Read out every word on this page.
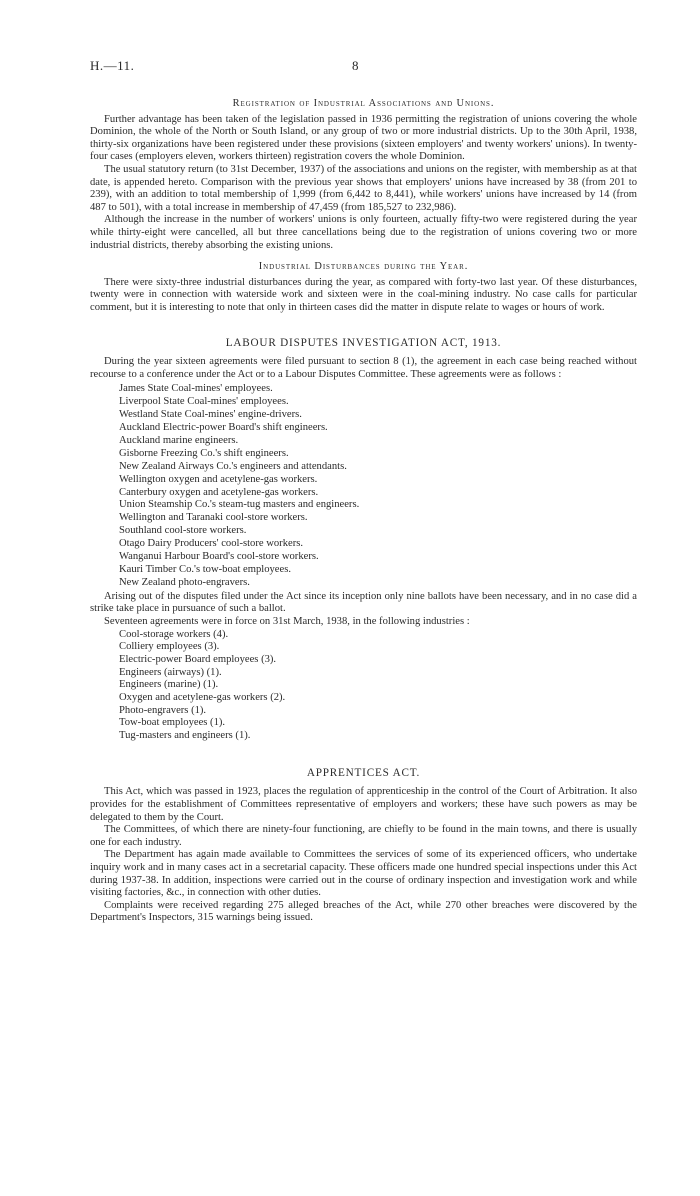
H.—11.	8
Registration of Industrial Associations and Unions.

Further advantage has been taken of the legislation passed in 1936 permitting the registration of unions covering the whole Dominion, the whole of the North or South Island, or any group of two or more industrial districts. Up to the 30th April, 1938, thirty-six organizations have been registered under these provisions (sixteen employers' and twenty workers' unions). In twenty-four cases (employers eleven, workers thirteen) registration covers the whole Dominion.

The usual statutory return (to 31st December, 1937) of the associations and unions on the register, with membership as at that date, is appended hereto. Comparison with the previous year shows that employers' unions have increased by 38 (from 201 to 239), with an addition to total membership of 1,999 (from 6,442 to 8,441), while workers' unions have increased by 14 (from 487 to 501), with a total increase in membership of 47,459 (from 185,527 to 232,986).

Although the increase in the number of workers' unions is only fourteen, actually fifty-two were registered during the year while thirty-eight were cancelled, all but three cancellations being due to the registration of unions covering two or more industrial districts, thereby absorbing the existing unions.

Industrial Disturbances during the Year.

There were sixty-three industrial disturbances during the year, as compared with forty-two last year. Of these disturbances, twenty were in connection with waterside work and sixteen were in the coal-mining industry. No case calls for particular comment, but it is interesting to note that only in thirteen cases did the matter in dispute relate to wages or hours of work.

LABOUR DISPUTES INVESTIGATION ACT, 1913.

During the year sixteen agreements were filed pursuant to section 8 (1), the agreement in each case being reached without recourse to a conference under the Act or to a Labour Disputes Committee. These agreements were as follows :

James State Coal-mines' employees.
Liverpool State Coal-mines' employees.
Westland State Coal-mines' engine-drivers.
Auckland Electric-power Board's shift engineers.
Auckland marine engineers.
Gisborne Freezing Co.'s shift engineers.
New Zealand Airways Co.'s engineers and attendants.
Wellington oxygen and acetylene-gas workers.
Canterbury oxygen and acetylene-gas workers.
Union Steamship Co.'s steam-tug masters and engineers.
Wellington and Taranaki cool-store workers.
Southland cool-store workers.
Otago Dairy Producers' cool-store workers.
Wanganui Harbour Board's cool-store workers.
Kauri Timber Co.'s tow-boat employees.
New Zealand photo-engravers.

Arising out of the disputes filed under the Act since its inception only nine ballots have been necessary, and in no case did a strike take place in pursuance of such a ballot.

Seventeen agreements were in force on 31st March, 1938, in the following industries :

Cool-storage workers (4).
Colliery employees (3).
Electric-power Board employees (3).
Engineers (airways) (1).
Engineers (marine) (1).
Oxygen and acetylene-gas workers (2).
Photo-engravers (1).
Tow-boat employees (1).
Tug-masters and engineers (1).
APPRENTICES ACT.

This Act, which was passed in 1923, places the regulation of apprenticeship in the control of the Court of Arbitration. It also provides for the establishment of Committees representative of employers and workers; these have such powers as may be delegated to them by the Court.

The Committees, of which there are ninety-four functioning, are chiefly to be found in the main towns, and there is usually one for each industry.

The Department has again made available to Committees the services of some of its experienced officers, who undertake inquiry work and in many cases act in a secretarial capacity. These officers made one hundred special inspections under this Act during 1937-38. In addition, inspections were carried out in the course of ordinary inspection and investigation work and while visiting factories, &c., in connection with other duties.

Complaints were received regarding 275 alleged breaches of the Act, while 270 other breaches were discovered by the Department's Inspectors, 315 warnings being issued.
